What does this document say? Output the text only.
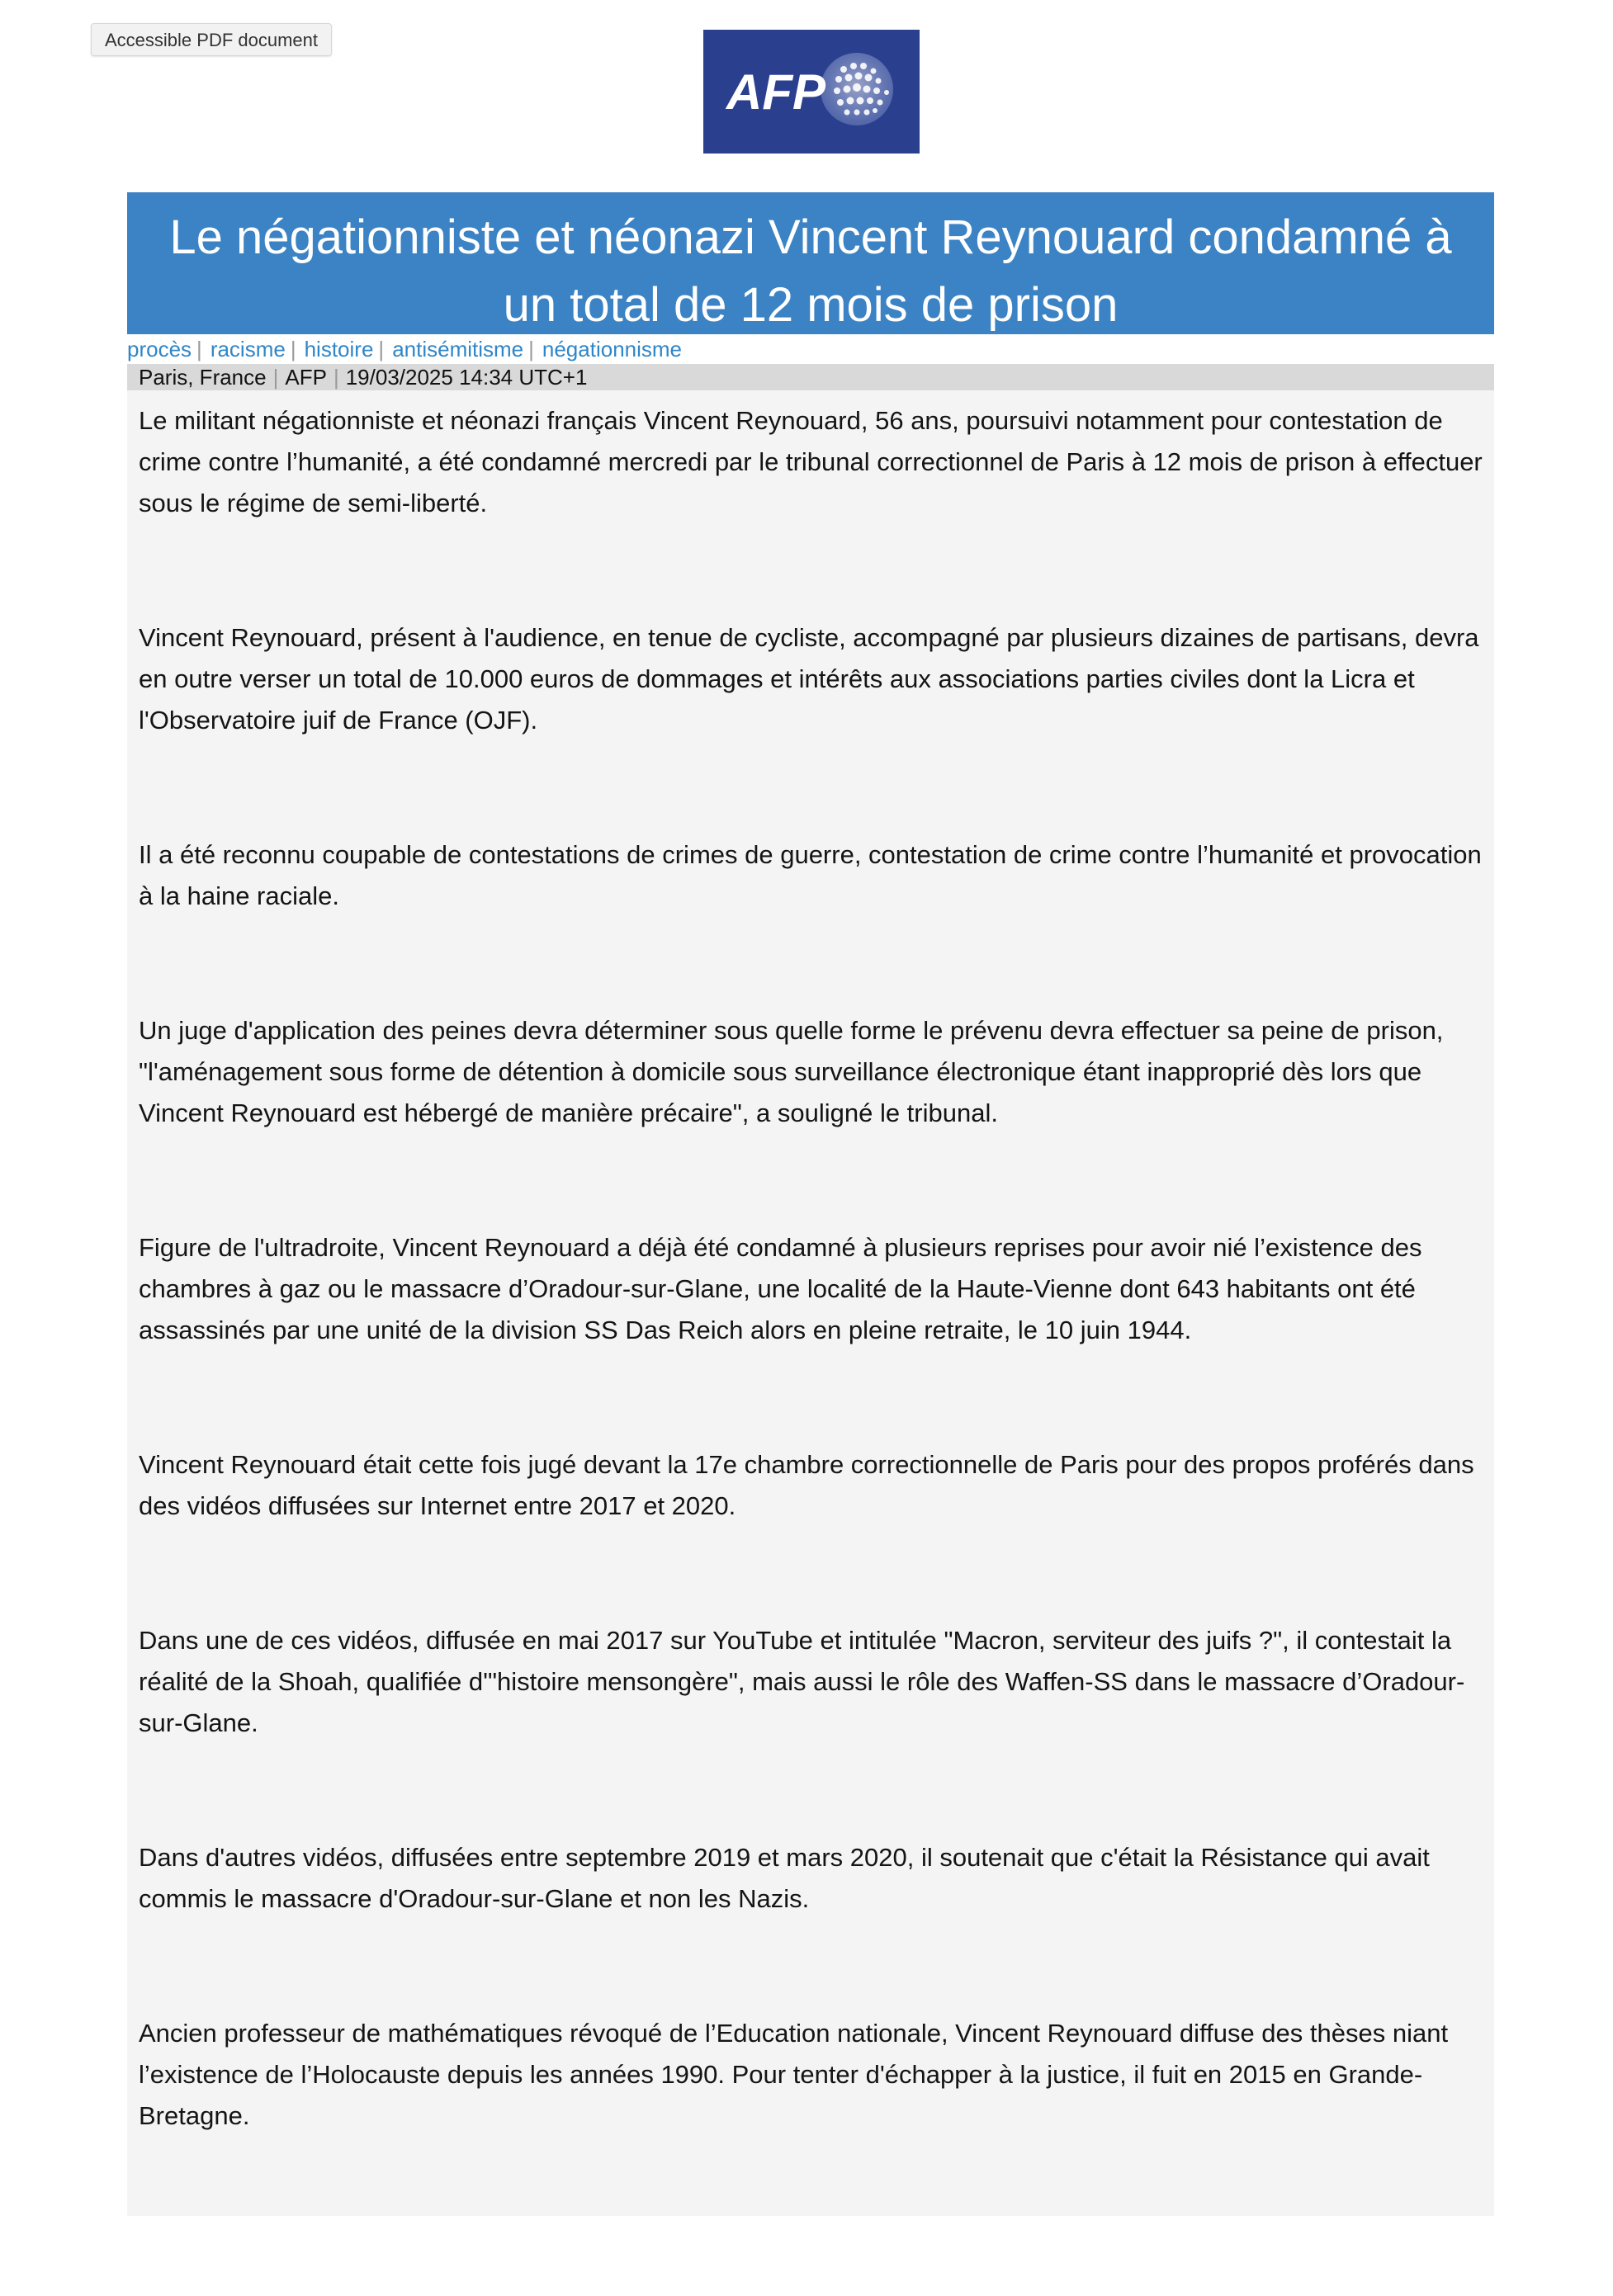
Accessible PDF document
AFP
Le négationniste et néonazi Vincent Reynouard condamné à un total de 12 mois de prison
procès | racisme | histoire | antisémitisme | négationnisme
Paris, France | AFP | 19/03/2025 14:34 UTC+1

Le militant négationniste et néonazi français Vincent Reynouard, 56 ans, poursuivi notamment pour contestation de crime contre l’humanité, a été condamné mercredi par le tribunal correctionnel de Paris à 12 mois de prison à effectuer sous le régime de semi-liberté.

Vincent Reynouard, présent à l'audience, en tenue de cycliste, accompagné par plusieurs dizaines de partisans, devra en outre verser un total de 10.000 euros de dommages et intérêts aux associations parties civiles dont la Licra et l'Observatoire juif de France (OJF).

Il a été reconnu coupable de contestations de crimes de guerre, contestation de crime contre l’humanité et provocation à la haine raciale.

Un juge d'application des peines devra déterminer sous quelle forme le prévenu devra effectuer sa peine de prison, "l'aménagement sous forme de détention à domicile sous surveillance électronique étant inapproprié dès lors que Vincent Reynouard est hébergé de manière précaire", a souligné le tribunal.

Figure de l'ultradroite, Vincent Reynouard a déjà été condamné à plusieurs reprises pour avoir nié l’existence des chambres à gaz ou le massacre d’Oradour-sur-Glane, une localité de la Haute-Vienne dont 643 habitants ont été assassinés par une unité de la division SS Das Reich alors en pleine retraite, le 10 juin 1944.

Vincent Reynouard était cette fois jugé devant la 17e chambre correctionnelle de Paris pour des propos proférés dans des vidéos diffusées sur Internet entre 2017 et 2020.

Dans une de ces vidéos, diffusée en mai 2017 sur YouTube et intitulée "Macron, serviteur des juifs ?", il contestait la réalité de la Shoah, qualifiée d'"histoire mensongère", mais aussi le rôle des Waffen-SS dans le massacre d’Oradour-sur-Glane.

Dans d'autres vidéos, diffusées entre septembre 2019 et mars 2020, il soutenait que c'était la Résistance qui avait commis le massacre d'Oradour-sur-Glane et non les Nazis.

Ancien professeur de mathématiques révoqué de l’Education nationale, Vincent Reynouard diffuse des thèses niant l’existence de l’Holocauste depuis les années 1990. Pour tenter d'échapper à la justice, il fuit en 2015 en Grande-Bretagne.
